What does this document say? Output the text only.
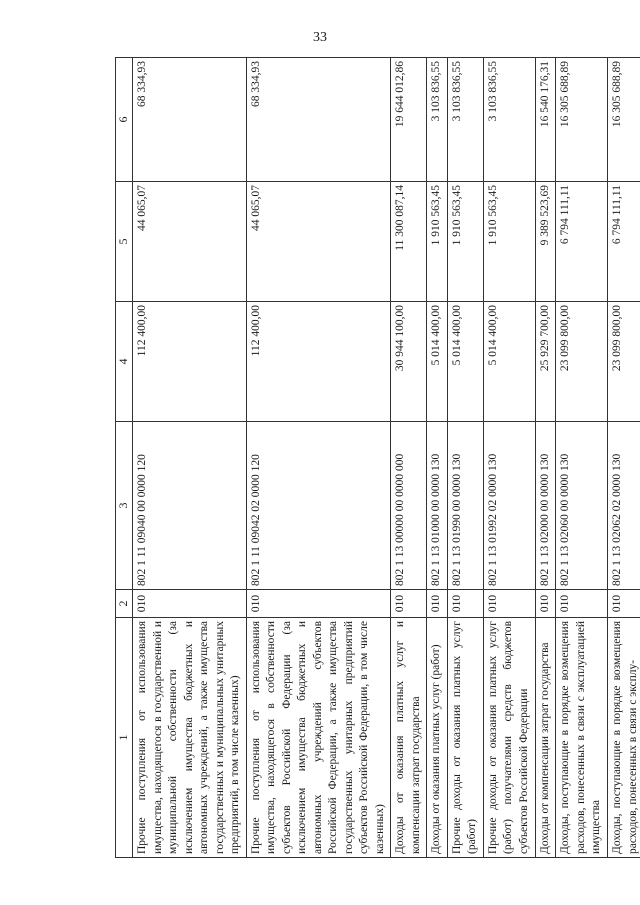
33
1	2	3	4	5	6
Прочие поступления от использования имущества, находящегося в государственной и муниципальной собственности (за исключением имущества бюджетных и автономных учреждений, а также имущества государственных и муниципальных унитарных предприятий, в том числе казенных)	010	802 1 11 09040 00 0000 120	112 400,00	44 065,07	68 334,93
Прочие поступления от использования имущества, находящегося в собственности субъектов Российской Федерации (за исключением имущества бюджетных и автономных учреждений субъектов Российской Федерации, а также имущества государственных унитарных предприятий субъектов Российской Федерации, в том числе казенных)	010	802 1 11 09042 02 0000 120	112 400,00	44 065,07	68 334,93
Доходы от оказания платных услуг и компенсации затрат государства	010	802 1 13 00000 00 0000 000	30 944 100,00	11 300 087,14	19 644 012,86
Доходы от оказания платных услуг (работ)	010	802 1 13 01000 00 0000 130	5 014 400,00	1 910 563,45	3 103 836,55
Прочие доходы от оказания платных услуг (работ)	010	802 1 13 01990 00 0000 130	5 014 400,00	1 910 563,45	3 103 836,55
Прочие доходы от оказания платных услуг (работ) получателями средств бюджетов субъектов Российской Федерации	010	802 1 13 01992 02 0000 130	5 014 400,00	1 910 563,45	3 103 836,55
Доходы от компенсации затрат государства	010	802 1 13 02000 00 0000 130	25 929 700,00	9 389 523,69	16 540 176,31
Доходы, поступающие в порядке возмещения расходов, понесенных в связи с эксплуатацией имущества	010	802 1 13 02060 00 0000 130	23 099 800,00	6 794 111,11	16 305 688,89
Доходы, поступающие в порядке возмещения расходов, понесенных в связи с эксплу-	010	802 1 13 02062 02 0000 130	23 099 800,00	6 794 111,11	16 305 688,89
